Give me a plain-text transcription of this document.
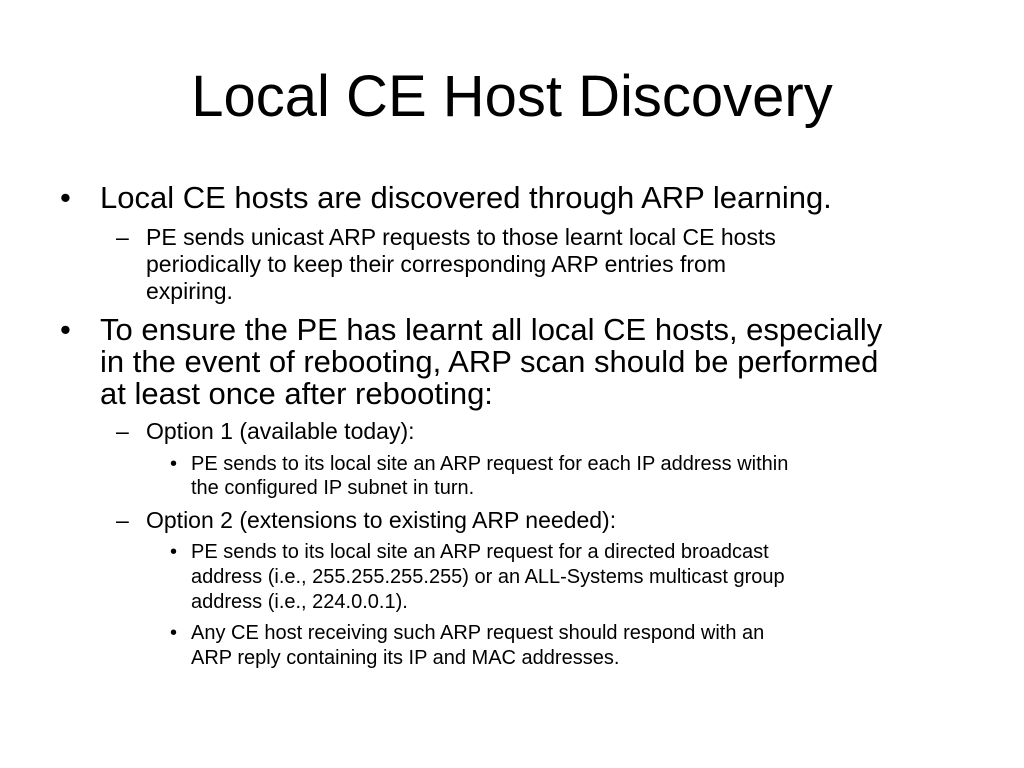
Local CE Host Discovery
• Local CE hosts are discovered through ARP learning.
– PE sends unicast ARP requests to those learnt local CE hosts
periodically to keep their corresponding ARP entries from
expiring.
• To ensure the PE has learnt all local CE hosts, especially
in the event of rebooting, ARP scan should be performed
at least once after rebooting:
– Option 1 (available today):
• PE sends to its local site an ARP request for each IP address within
the configured IP subnet in turn.
– Option 2 (extensions to existing ARP needed):
• PE sends to its local site an ARP request for a directed broadcast
address (i.e., 255.255.255.255) or an ALL-Systems multicast group
address (i.e., 224.0.0.1).
• Any CE host receiving such ARP request should respond with an
ARP reply containing its IP and MAC addresses.
